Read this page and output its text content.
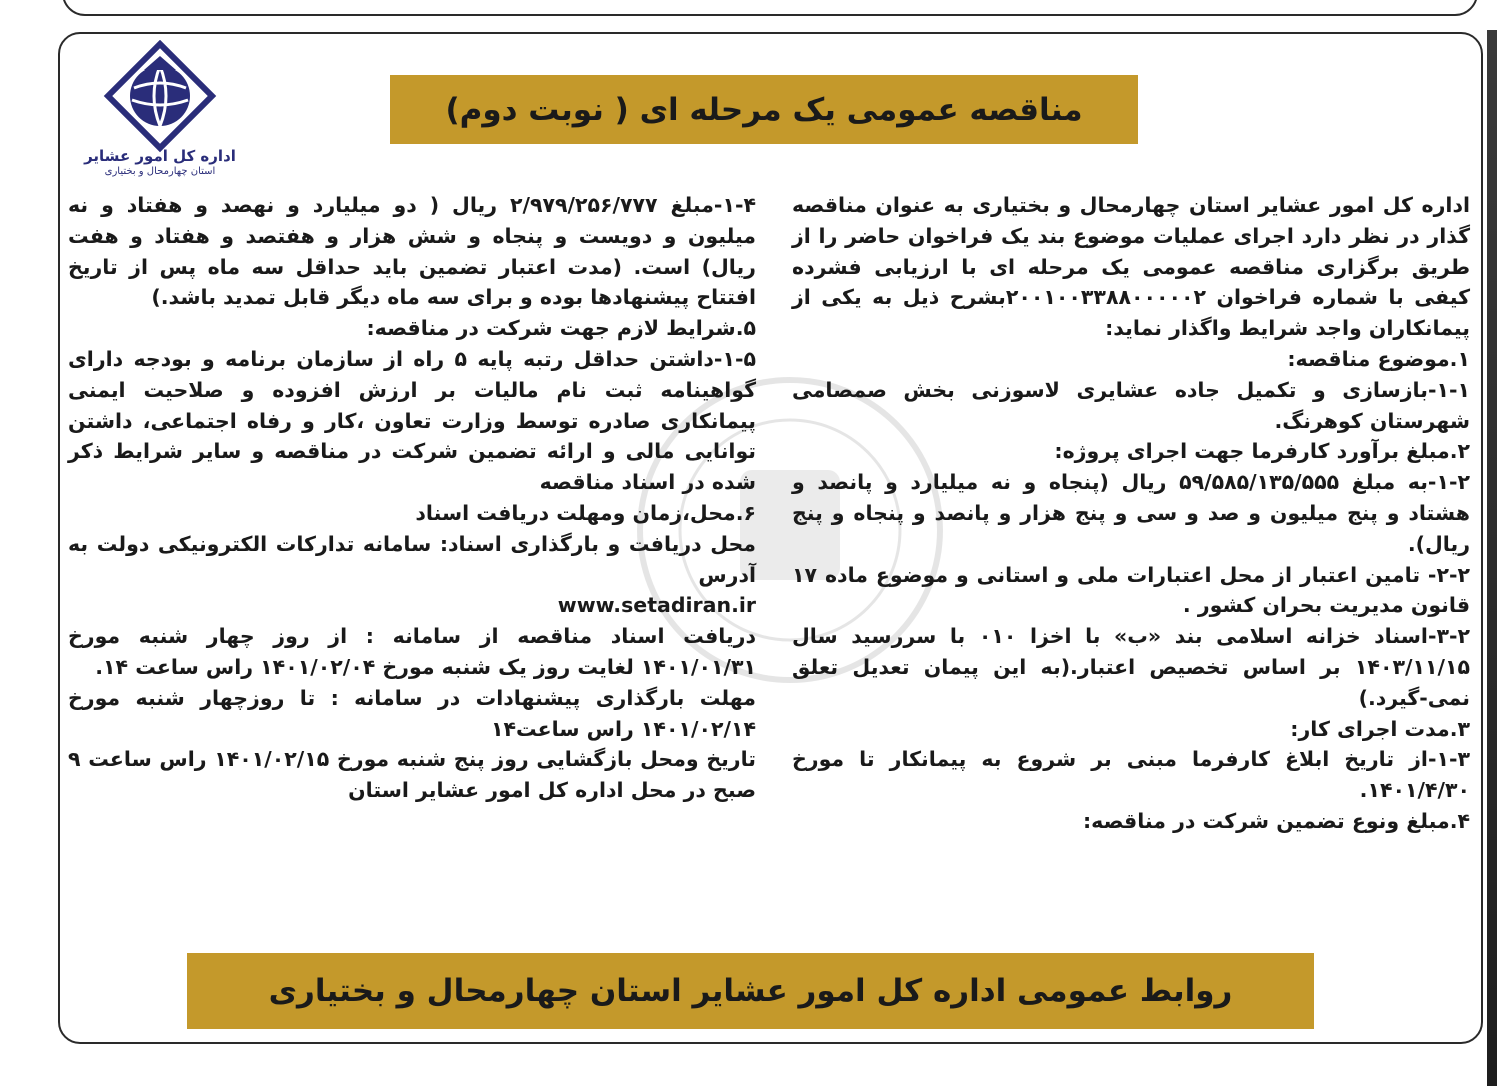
اداره کل امور عشایر
استان چهارمحال و بختیاری
مناقصه عمومی یک مرحله ای ( نوبت دوم)

اداره کل امور عشایر استان چهارمحال و بختیاری به عنوان مناقصه گذار در نظر دارد اجرای عملیات موضوع بند یک فراخوان حاضر را از طریق برگزاری مناقصه عمومی یک مرحله ای با ارزیابی فشرده کیفی با شماره فراخوان ۲۰۰۱۰۰۳۳۸۸۰۰۰۰۰۲بشرح ذیل به یکی از پیمانکاران واجد شرایط واگذار نماید:

۱.موضوع مناقصه:

۱-۱-بازسازی و تکمیل جاده عشایری لاسوزنی بخش صمصامی شهرستان کوهرنگ.

۲.مبلغ برآورد کارفرما جهت اجرای پروژه:

۱-۲-به مبلغ ۵۹/۵۸۵/۱۳۵/۵۵۵ ریال (پنجاه و نه میلیارد و پانصد و هشتاد و پنج میلیون و صد و سی و پنج هزار و پانصد و پنجاه و پنج ریال).

۲-۲- تامین اعتبار از محل اعتبارات ملی و استانی و موضوع ماده ۱۷ قانون مدیریت بحران کشور .

۳-۲-اسناد خزانه اسلامی بند «ب» با اخزا ۰۱۰ با سررسید سال ۱۴۰۳/۱۱/۱۵ بر اساس تخصیص اعتبار.(به این پیمان تعدیل تعلق نمی-گیرد.)

۳.مدت اجرای کار:

۱-۳-از تاریخ ابلاغ کارفرما مبنی بر شروع به پیمانکار تا مورخ ۱۴۰۱/۴/۳۰.

۴.مبلغ ونوع تضمین شرکت در مناقصه:

۱-۴-مبلغ ۲/۹۷۹/۲۵۶/۷۷۷ ریال ( دو میلیارد و نهصد و هفتاد و نه میلیون و دویست و پنجاه و شش هزار و هفتصد و هفتاد و هفت ریال) است. (مدت اعتبار تضمین باید حداقل سه ماه پس از تاریخ افتتاح پیشنهادها بوده و برای سه ماه دیگر قابل تمدید باشد.)

۵.شرایط لازم جهت شرکت در مناقصه:

۱-۵-داشتن حداقل رتبه پایه ۵ راه از سازمان برنامه و بودجه دارای گواهینامه ثبت نام مالیات بر ارزش افزوده و صلاحیت ایمنی پیمانکاری صادره توسط وزارت تعاون ،کار و رفاه اجتماعی، داشتن توانایی مالی و ارائه تضمین شرکت در مناقصه و سایر شرایط ذکر شده در اسناد مناقصه

۶.محل،زمان ومهلت دریافت اسناد

محل دریافت و بارگذاری اسناد: سامانه تدارکات الکترونیکی دولت به آدرس

www.setadiran.ir

دریافت اسناد مناقصه از سامانه : از روز چهار شنبه مورخ ۱۴۰۱/۰۱/۳۱ لغایت روز یک شنبه مورخ ۱۴۰۱/۰۲/۰۴ راس ساعت ۱۴.

مهلت بارگذاری پیشنهادات در سامانه : تا روزچهار شنبه مورخ ۱۴۰۱/۰۲/۱۴ راس ساعت۱۴

تاریخ ومحل بازگشایی روز پنج شنبه مورخ ۱۴۰۱/۰۲/۱۵ راس ساعت ۹ صبح در محل اداره کل امور عشایر استان

روابط عمومی اداره کل امور عشایر استان چهارمحال و بختیاری
